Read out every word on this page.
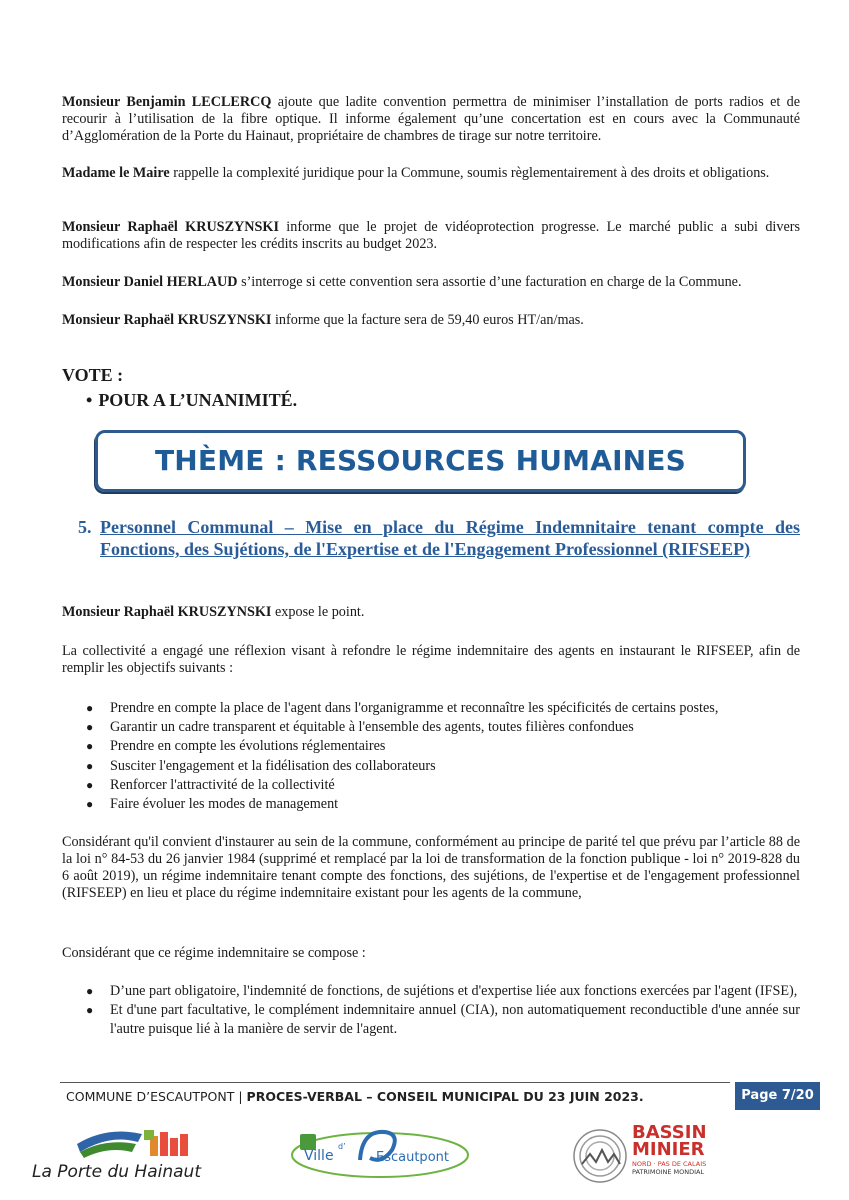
Monsieur Benjamin LECLERCQ ajoute que ladite convention permettra de minimiser l’installation de ports radios et de recourir à l’utilisation de la fibre optique. Il informe également qu’une concertation est en cours avec la Communauté d’Agglomération de la Porte du Hainaut, propriétaire de chambres de tirage sur notre territoire.

Madame le Maire rappelle la complexité juridique pour la Commune, soumis règlementairement à des droits et obligations.

Monsieur Raphaël KRUSZYNSKI informe que le projet de vidéoprotection progresse. Le marché public a subi divers modifications afin de respecter les crédits inscrits au budget 2023.

Monsieur Daniel HERLAUD s’interroge si cette convention sera assortie d’une facturation en charge de la Commune.

Monsieur Raphaël KRUSZYNSKI informe que la facture sera de 59,40 euros HT/an/mas.

VOTE :
• POUR A L’UNANIMITÉ.
THÈME : RESSOURCES HUMAINES
5. Personnel Communal – Mise en place du Régime Indemnitaire tenant compte des Fonctions, des Sujétions, de l'Expertise et de l'Engagement Professionnel (RIFSEEP)

Monsieur Raphaël KRUSZYNSKI expose le point.

La collectivité a engagé une réflexion visant à refondre le régime indemnitaire des agents en instaurant le RIFSEEP, afin de remplir les objectifs suivants :

● Prendre en compte la place de l'agent dans l'organigramme et reconnaître les spécificités de certains postes,
● Garantir un cadre transparent et équitable à l'ensemble des agents, toutes filières confondues
● Prendre en compte les évolutions réglementaires
● Susciter l'engagement et la fidélisation des collaborateurs
● Renforcer l'attractivité de la collectivité
● Faire évoluer les modes de management

Considérant qu'il convient d'instaurer au sein de la commune, conformément au principe de parité tel que prévu par l’article 88 de la loi n° 84-53 du 26 janvier 1984 (supprimé et remplacé par la loi de transformation de la fonction publique - loi n° 2019-828 du 6 août 2019), un régime indemnitaire tenant compte des fonctions, des sujétions, de l'expertise et de l'engagement professionnel (RIFSEEP) en lieu et place du régime indemnitaire existant pour les agents de la commune,

Considérant que ce régime indemnitaire se compose :

● D’une part obligatoire, l'indemnité de fonctions, de sujétions et d'expertise liée aux fonctions exercées par l'agent (IFSE),
● Et d'une part facultative, le complément indemnitaire annuel (CIA), non automatiquement reconductible d'une année sur l'autre puisque lié à la manière de servir de l'agent.
COMMUNE D’ESCAUTPONT | PROCES-VERBAL – CONSEIL MUNICIPAL DU 23 JUIN 2023.	Page 7/20
La Porte du Hainaut
Ville
d’
Escautpont
BASSIN
MINIER
NORD · PAS DE CALAIS
PATRIMOINE MONDIAL
